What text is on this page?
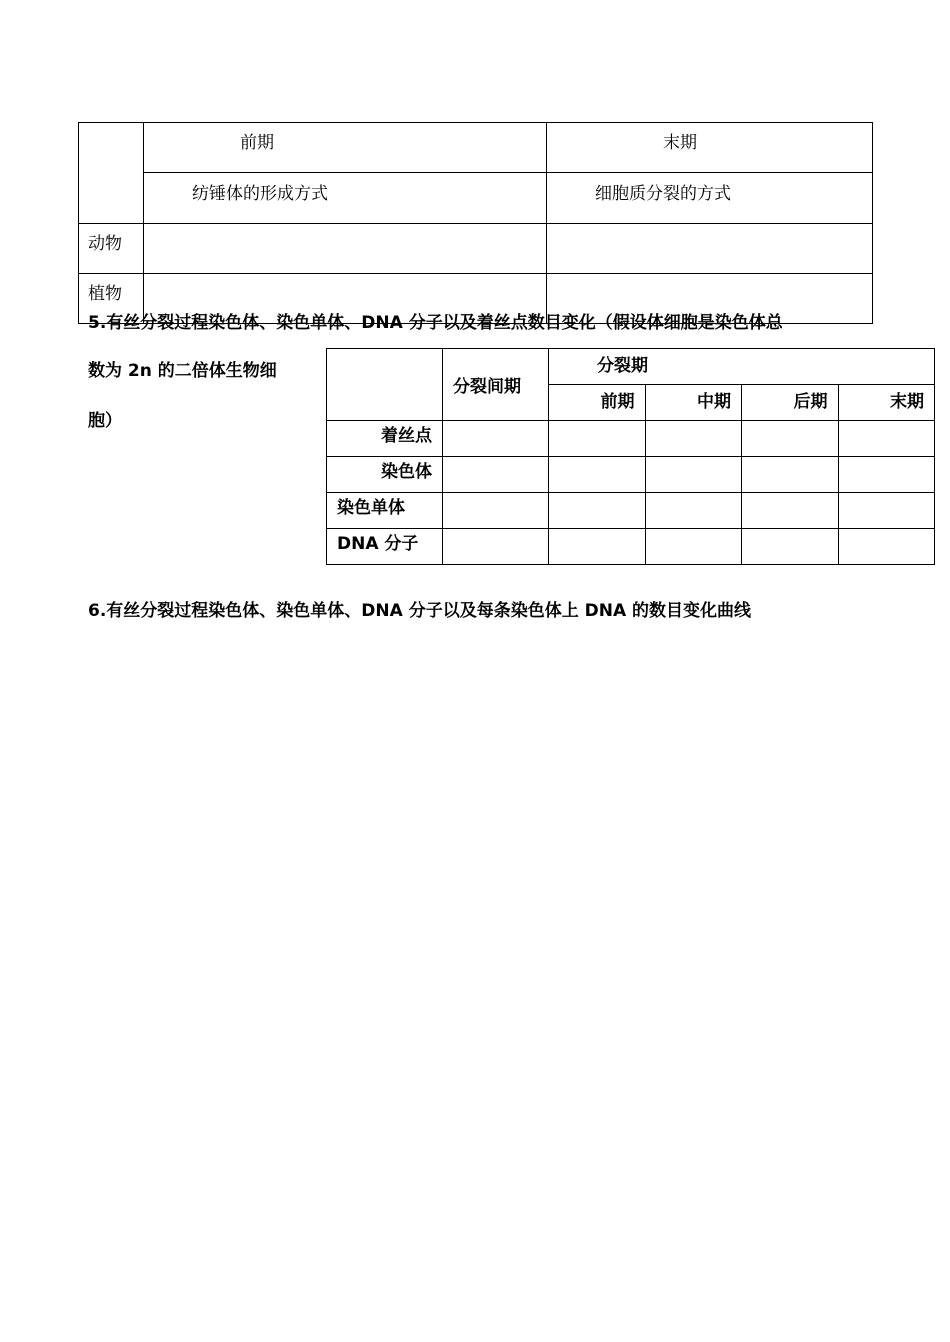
	前期	末期
	纺锤体的形成方式	细胞质分裂的方式
动物		
植物		
5.有丝分裂过程染色体、染色单体、DNA 分子以及着丝点数目变化（假设体细胞是染色体总
数为 2n 的二倍体生物细
胞）
	分裂间期	分裂期			
		前期	中期	后期	末期
着丝点					
染色体					
染色单体					
DNA 分子					
6.有丝分裂过程染色体、染色单体、DNA 分子以及每条染色体上 DNA 的数目变化曲线
